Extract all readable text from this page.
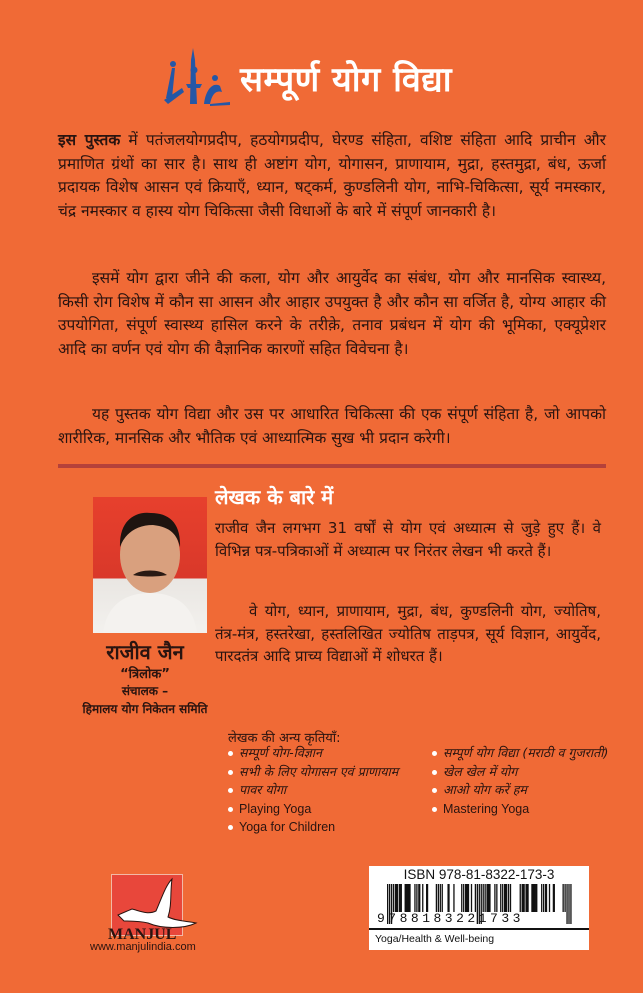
सम्पूर्ण योग विद्या
इस पुस्तक में पतंजलयोगप्रदीप, हठयोगप्रदीप, घेरण्ड संहिता, वशिष्ट संहिता आदि प्राचीन और प्रमाणित ग्रंथों का सार है। साथ ही अष्टांग योग, योगासन, प्राणायाम, मुद्रा, हस्तमुद्रा, बंध, ऊर्जा प्रदायक विशेष आसन एवं क्रियाएँ, ध्यान, षट्कर्म, कुण्डलिनी योग, नाभि-चिकित्सा, सूर्य नमस्कार, चंद्र नमस्कार व हास्य योग चिकित्सा जैसी विधाओं के बारे में संपूर्ण जानकारी है।
इसमें योग द्वारा जीने की कला, योग और आयुर्वेद का संबंध, योग और मानसिक स्वास्थ्य, किसी रोग विशेष में कौन सा आसन और आहार उपयुक्त है और कौन सा वर्जित है, योग्य आहार की उपयोगिता, संपूर्ण स्वास्थ्य हासिल करने के तरीक़े, तनाव प्रबंधन में योग की भूमिका, एक्यूप्रेशर आदि का वर्णन एवं योग की वैज्ञानिक कारणों सहित विवेचना है।
यह पुस्तक योग विद्या और उस पर आधारित चिकित्सा की एक संपूर्ण संहिता है, जो आपको शारीरिक, मानसिक और भौतिक एवं आध्यात्मिक सुख भी प्रदान करेगी।
राजीव जैन
“त्रिलोक”
संचालक –
हिमालय योग निकेतन समिति
लेखक के बारे में
राजीव जैन लगभग 31 वर्षों से योग एवं अध्यात्म से जुड़े हुए हैं। वे विभिन्न पत्र-पत्रिकाओं में अध्यात्म पर निरंतर लेखन भी करते हैं।
वे योग, ध्यान, प्राणायाम, मुद्रा, बंध, कुण्डलिनी योग, ज्योतिष, तंत्र-मंत्र, हस्तरेखा, हस्तलिखित ज्योतिष ताड़पत्र, सूर्य विज्ञान, आयुर्वेद, पारदतंत्र आदि प्राच्य विद्याओं में शोधरत हैं।
लेखक की अन्य कृतियाँ:
सम्पूर्ण योग-विज्ञान
सभी के लिए योगासन एवं प्राणायाम
पावर योगा
Playing Yoga
Yoga for Children
सम्पूर्ण योग विद्या (मराठी व गुजराती)
खेल खेल में योग
आओ योग करें हम
Mastering Yoga
MANJUL
www.manjulindia.com
ISBN 978-81-8322-173-3
9788183221733
Yoga/Health & Well-being
